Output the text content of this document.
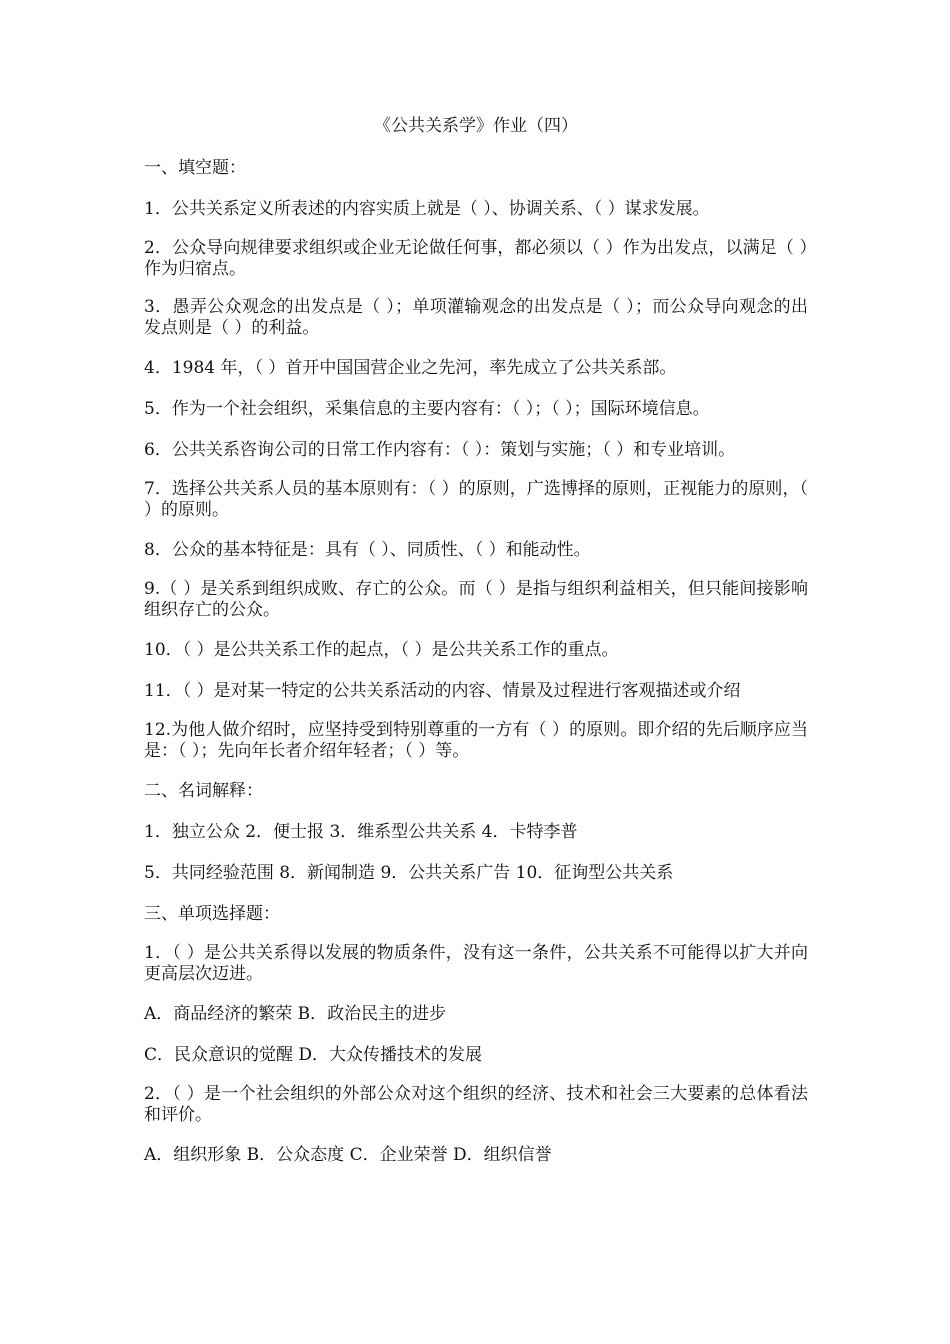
《公共关系学》作业（四）
一、填空题：
1．公共关系定义所表述的内容实质上就是（ ）、协调关系、（ ）谋求发展。
2．公众导向规律要求组织或企业无论做任何事，都必须以（ ）作为出发点，以满足（ ）作为归宿点。
3．愚弄公众观念的出发点是（ ）；单项灌输观念的出发点是（ ）；而公众导向观念的出发点则是（ ）的利益。
4．1984 年，（ ）首开中国国营企业之先河，率先成立了公共关系部。
5．作为一个社会组织，采集信息的主要内容有：（ ）；（ ）；国际环境信息。
6．公共关系咨询公司的日常工作内容有：（ ）：策划与实施；（ ）和专业培训。
7．选择公共关系人员的基本原则有：（ ）的原则，广选博择的原则，正视能力的原则，（ ）的原则。
8．公众的基本特征是：具有（ ）、同质性、（ ）和能动性。
9.（ ）是关系到组织成败、存亡的公众。而（ ）是指与组织利益相关，但只能间接影响组织存亡的公众。
10．（ ）是公共关系工作的起点，（ ）是公共关系工作的重点。
11．（ ）是对某一特定的公共关系活动的内容、情景及过程进行客观描述或介绍
12.为他人做介绍时，应坚持受到特别尊重的一方有（ ）的原则。即介绍的先后顺序应当是：（ ）；先向年长者介绍年轻者；（ ）等。
二、名词解释：
1．独立公众 2．便士报 3．维系型公共关系 4．卡特李普
5．共同经验范围 8．新闻制造 9．公共关系广告 10．征询型公共关系
三、单项选择题：
1．（ ）是公共关系得以发展的物质条件，没有这一条件，公共关系不可能得以扩大并向更高层次迈进。
A．商品经济的繁荣 B．政治民主的进步
C．民众意识的觉醒 D．大众传播技术的发展
2．（ ）是一个社会组织的外部公众对这个组织的经济、技术和社会三大要素的总体看法和评价。
A．组织形象 B．公众态度 C．企业荣誉 D．组织信誉
